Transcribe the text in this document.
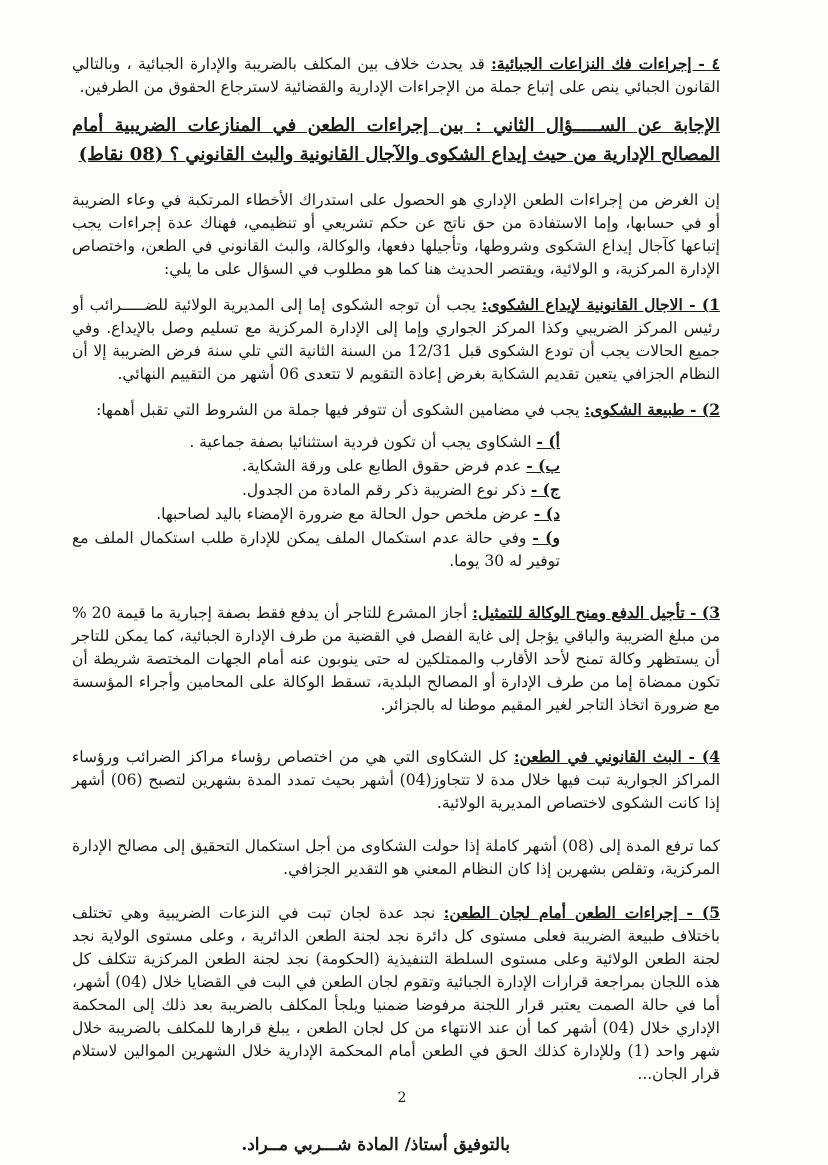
٤ - إجراءات فك النزاعات الجبائية: قد يحدث خلاف بين المكلف بالضريبة والإدارة الجبائية ، وبالتالي القانون الجبائي ينص على إتباع جملة من الإجراءات الإدارية والقضائية لاسترجاع الحقوق من الطرفين.

الإجابة عن الســـــؤال الثاني : بين إجراءات الطعن في المنازعات الضريبية أمام المصالح الإدارية من حيث إيداع الشكوى والآجال القانونية والبث القانوني ؟ (08 نقاط)

إن الغرض من إجراءات الطعن الإداري هو الحصول على استدراك الأخطاء المرتكبة في وعاء الضريبة أو في حسابها، وإما الاستفادة من حق ناتج عن حكم تشريعي أو تنظيمي، فهناك عدة إجراءات يجب إتباعها كآجال إيداع الشكوى وشروطها، وتأجيلها دفعها، والوكالة، والبث القانوني في الطعن، واختصاص الإدارة المركزية، و الولائية، ويقتصر الحديث هنا كما هو مطلوب في السؤال على ما يلي:

1) - الاجال القانونية لإيداع الشكوى: يجب أن توجه الشكوى إما إلى المديرية الولائية للضـــــرائب أو رئيس المركز الضريبي وكذا المركز الجواري وإما إلى الإدارة المركزية مع تسليم وصل بالإيداع. وفي جميع الحالات يجب أن تودع الشكوى قبل 12/31 من السنة الثانية التي تلي سنة فرض الضريبة إلا أن النظام الجزافي يتعين تقديم الشكاية بغرض إعادة التقويم لا تتعدى 06 أشهر من التقييم النهائي.

2) - طبيعة الشكوى: يجب في مضامين الشكوى أن تتوفر فيها جملة من الشروط التي تقبل أهمها:

أ) - الشكاوى يجب أن تكون فردية استثنائيا بصفة جماعية .
ب) - عدم فرض حقوق الطابع على ورقة الشكاية.
ج) - ذكر نوع الضريبة ذكر رقم المادة من الجدول.
د) - عرض ملخص حول الحالة مع ضرورة الإمضاء باليد لصاحبها.
و) - وفي حالة عدم استكمال الملف يمكن للإدارة طلب استكمال الملف مع توفير له 30 يوما.

3) - تأجيل الدفع ومنح الوكالة للتمثيل: أجاز المشرع للتاجر أن يدفع فقط بصفة إجبارية ما قيمة 20 % من مبلغ الضريبة والباقي يؤجل إلى غاية الفصل في القضية من طرف الإدارة الجبائية، كما يمكن للتاجر أن يستظهر وكالة تمنح لأحد الأقارب والممتلكين له حتى ينوبون عنه أمام الجهات المختصة شريطة أن تكون ممضاة إما من طرف الإدارة أو المصالح البلدية، تسقط الوكالة على المحامين وأجراء المؤسسة مع ضرورة اتخاذ التاجر لغير المقيم موطنا له بالجزائر.

4) - البث القانوني في الطعن: كل الشكاوى التي هي من اختصاص رؤساء مراكز الضرائب ورؤساء المراكز الجوارية تبت فيها خلال مدة لا تتجاوز(04) أشهر بحيث تمدد المدة بشهرين لتصبح (06) أشهر إذا كانت الشكوى لاختصاص المديرية الولائية.

كما ترفع المدة إلى (08) أشهر كاملة إذا حولت الشكاوى من أجل استكمال التحقيق إلى مصالح الإدارة المركزية، وتقلص بشهرين إذا كان النظام المعني هو التقدير الجزافي.

5) - إجراءات الطعن أمام لجان الطعن: نجد عدة لجان تبت في النزعات الضريبية وهي تختلف باختلاف طبيعة الضريبة فعلى مستوى كل دائرة نجد لجنة الطعن الدائرية ، وعلى مستوى الولاية نجد لجنة الطعن الولائية وعلى مستوى السلطة التنفيذية (الحكومة) نجد لجنة الطعن المركزية تتكلف كل هذه اللجان بمراجعة قرارات الإدارة الجبائية وتقوم لجان الطعن في البت في القضايا خلال (04) أشهر، أما في حالة الصمت يعتبر قرار اللجنة مرفوضا ضمنيا ويلجأ المكلف بالضريبة بعد ذلك إلى المحكمة الإداري خلال (04) أشهر كما أن عند الانتهاء من كل لجان الطعن ، يبلغ قرارها للمكلف بالضريبة خلال شهر واحد (1) وللإدارة كذلك الحق في الطعن أمام المحكمة الإدارية خلال الشهرين الموالين لاستلام قرار الجان...

بالتوفيق أستاذ/ المادة شـــربي مــراد.

2
